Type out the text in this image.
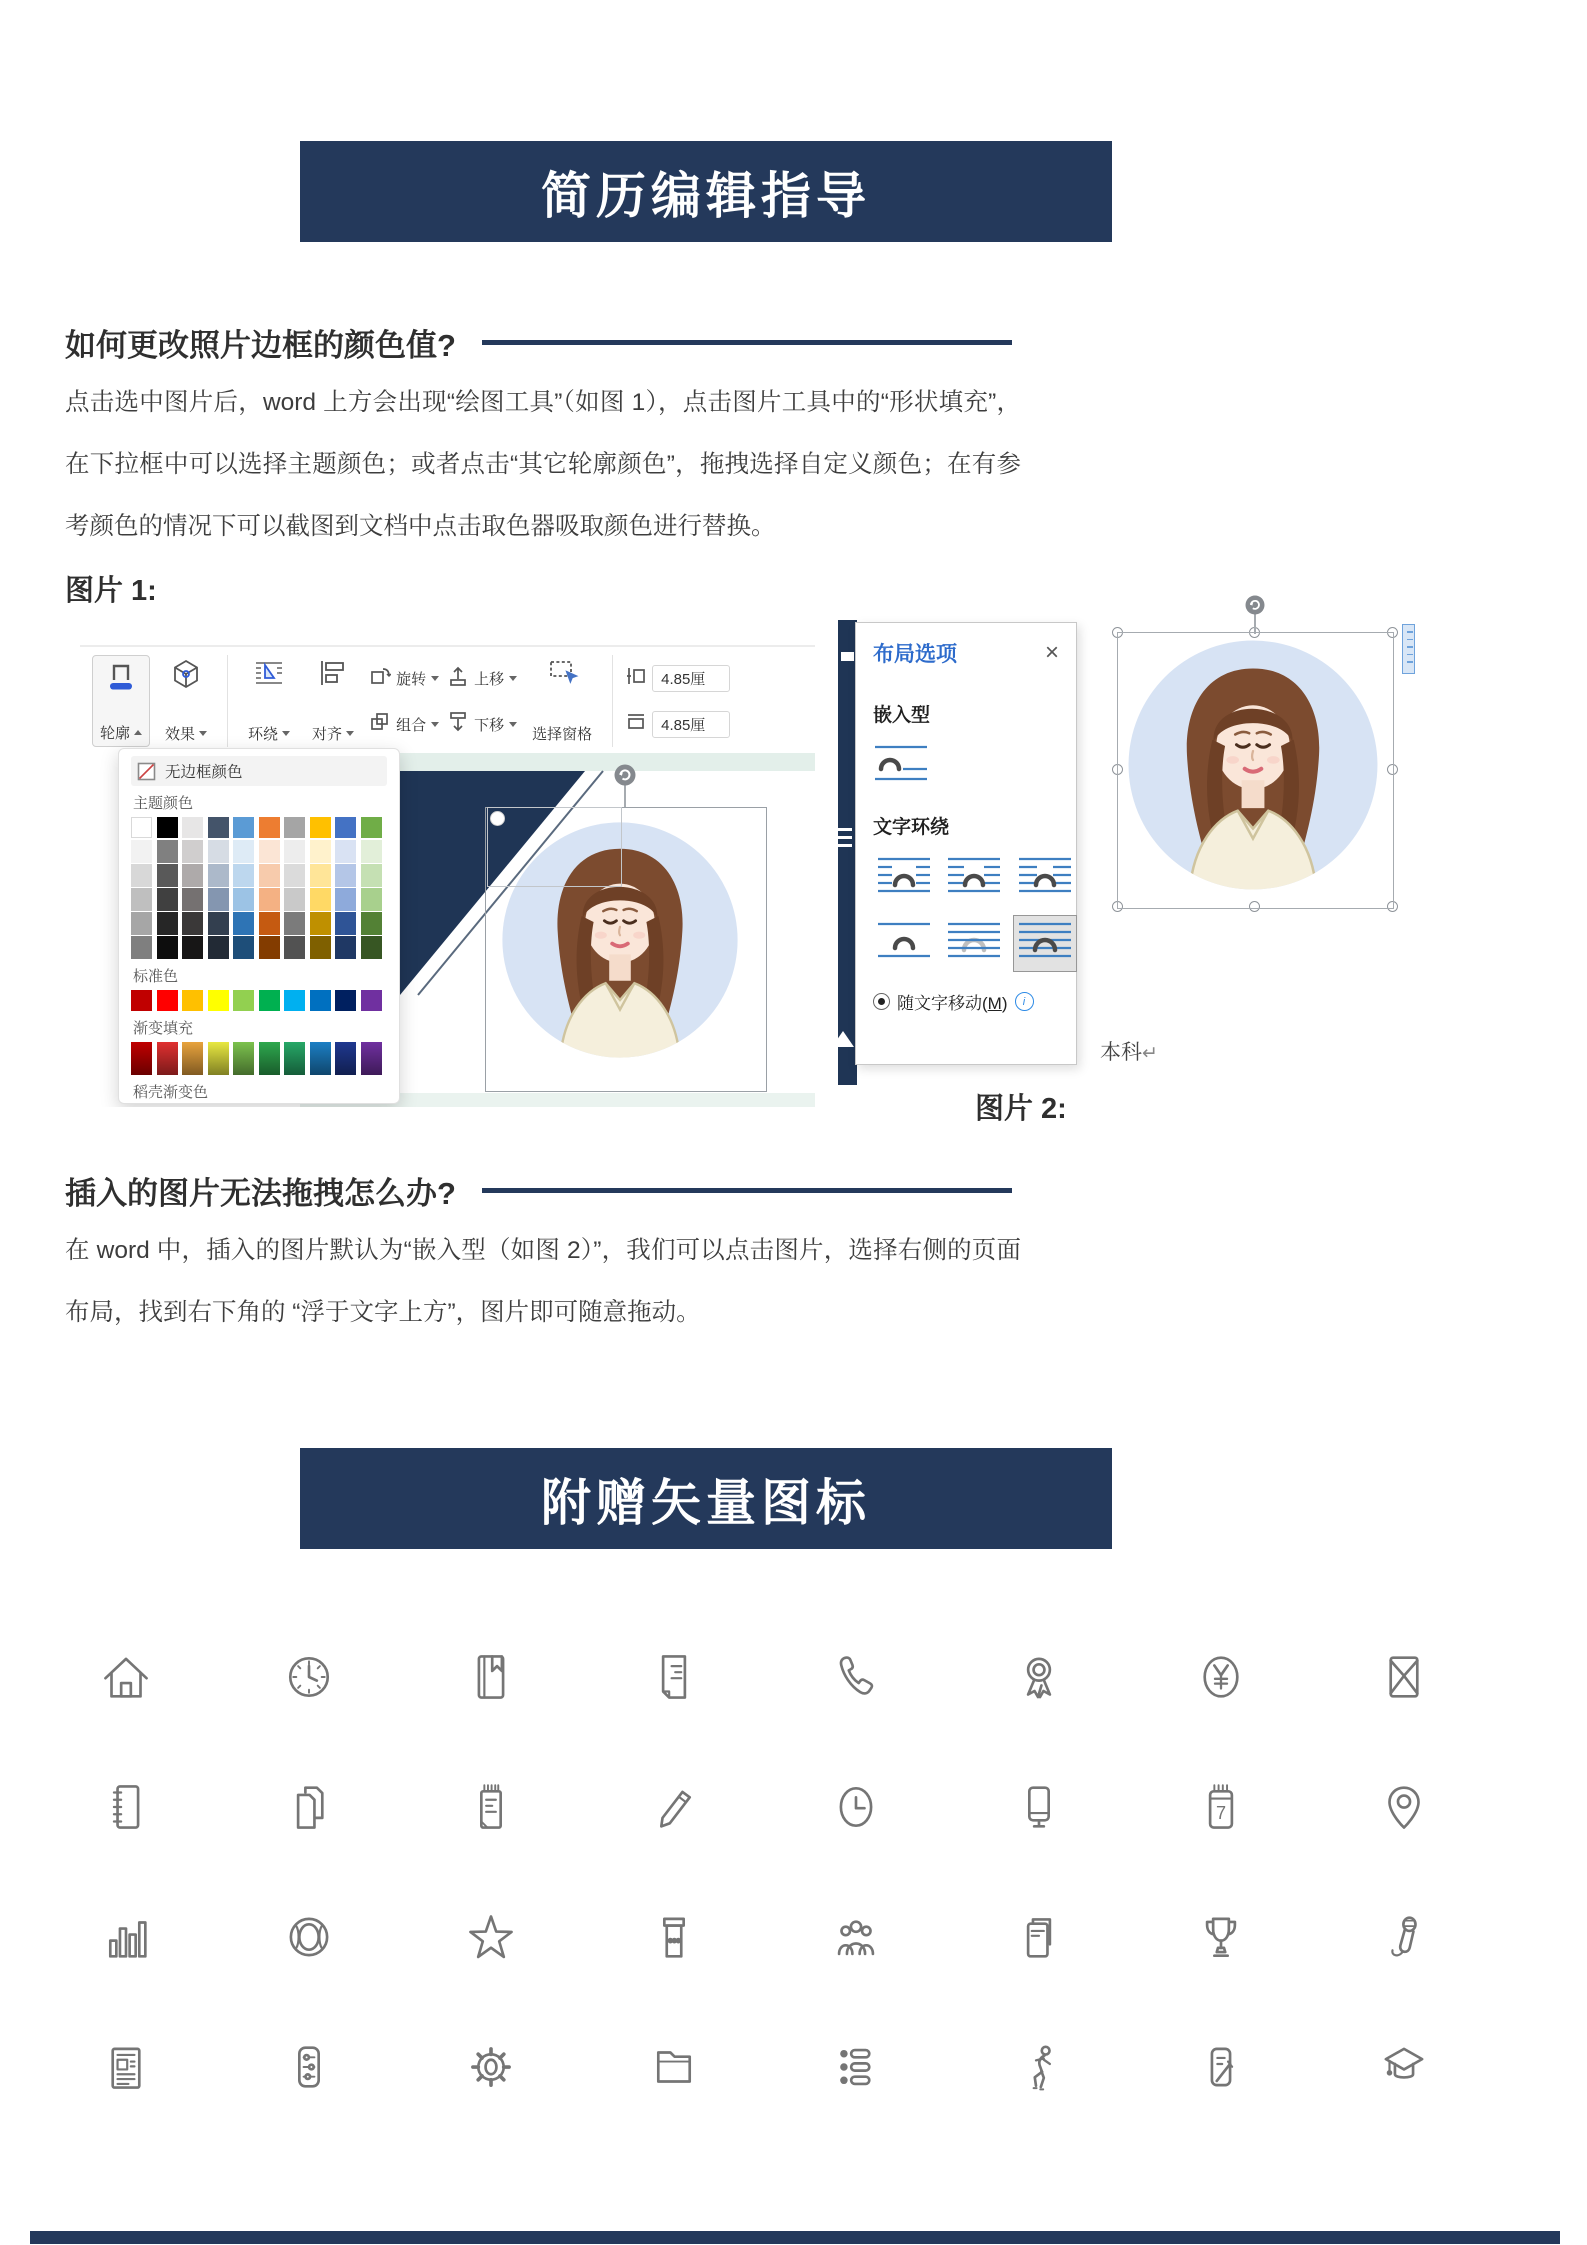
简历编辑指导
如何更改照片边框的颜色值?
点击选中图片后，word 上方会出现“绘图工具”（如图 1），点击图片工具中的“形状填充”，在下拉框中可以选择主题颜色；或者点击“其它轮廓颜色”，拖拽选择自定义颜色；在有参考颜色的情况下可以截图到文档中点击取色器吸取颜色进行替换。
图片 1:
轮廓 效果	环绕 对齐
旋转
组合
上移
下移
选择窗格
4.85厘
4.85厘
无边框颜色
主题颜色
标准色
渐变填充
稻壳渐变色
布局选项	×
嵌入型
文字环绕
随文字移动(M)	i
本科↵
图片 2:
插入的图片无法拖拽怎么办?
在 word 中，插入的图片默认为“嵌入型（如图 2）”，我们可以点击图片，选择右侧的页面布局，找到右下角的 “浮于文字上方”，图片即可随意拖动。
附赠矢量图标
7
